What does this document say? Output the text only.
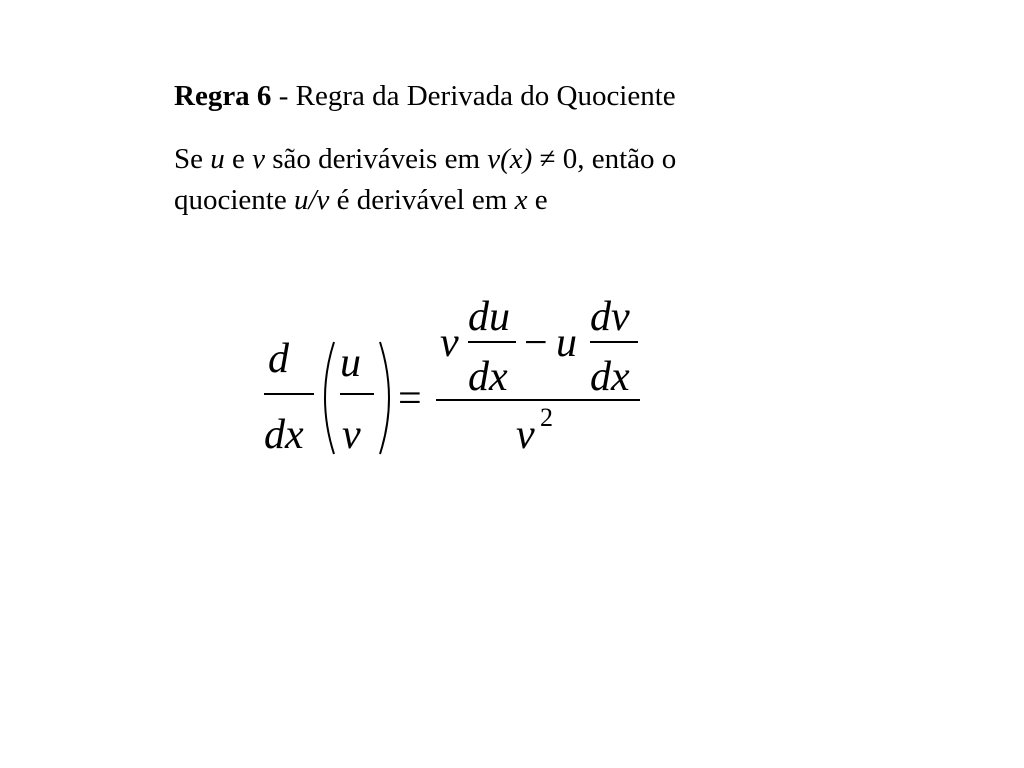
Regra 6 - Regra da Derivada do Quociente
Se u e v são deriváveis em v(x) ≠ 0, então o
quociente u/v é derivável em x e
d
dx
u
v
=
v
du
dx
− u
dv
dx
v 2
